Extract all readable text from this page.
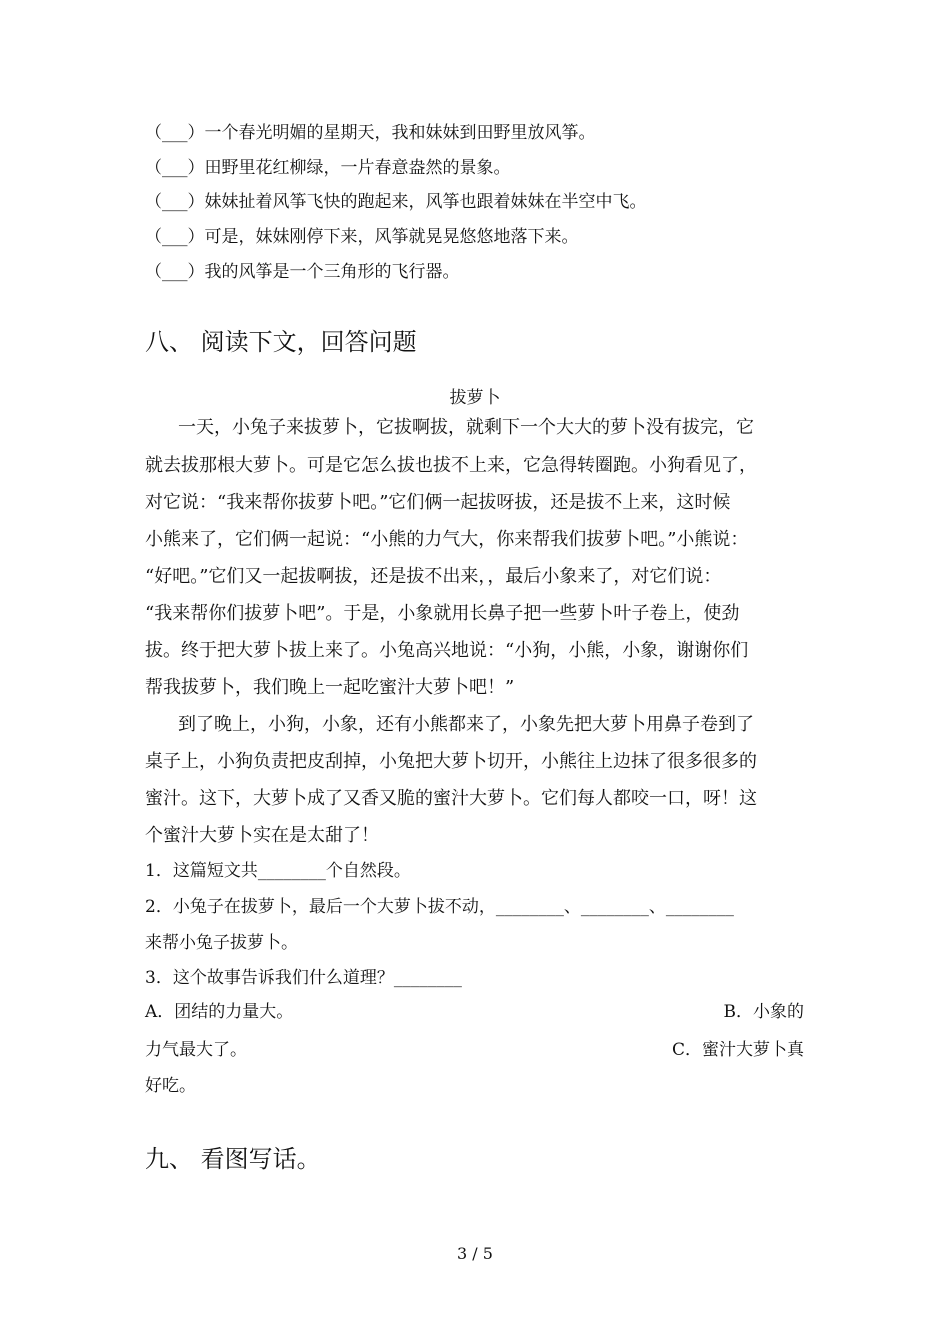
（___）一个春光明媚的星期天，我和妹妹到田野里放风筝。
（___）田野里花红柳绿，一片春意盎然的景象。
（___）妹妹扯着风筝飞快的跑起来，风筝也跟着妹妹在半空中飞。
（___）可是，妹妹刚停下来，风筝就晃晃悠悠地落下来。
（___）我的风筝是一个三角形的飞行器。
八、 阅读下文，回答问题
拔萝卜
一天，小兔子来拔萝卜，它拔啊拔，就剩下一个大大的萝卜没有拔完，它
就去拔那根大萝卜。可是它怎么拔也拔不上来，它急得转圈跑。小狗看见了，
对它说：“我来帮你拔萝卜吧。”它们俩一起拔呀拔，还是拔不上来，这时候
小熊来了，它们俩一起说：“小熊的力气大，你来帮我们拔萝卜吧。”小熊说：
“好吧。”它们又一起拔啊拔，还是拔不出来，，最后小象来了，对它们说：
“我来帮你们拔萝卜吧”。于是，小象就用长鼻子把一些萝卜叶子卷上，使劲
拔。终于把大萝卜拔上来了。小兔高兴地说：“小狗，小熊，小象，谢谢你们
帮我拔萝卜，我们晚上一起吃蜜汁大萝卜吧！”
到了晚上，小狗，小象，还有小熊都来了，小象先把大萝卜用鼻子卷到了
桌子上，小狗负责把皮刮掉，小兔把大萝卜切开，小熊往上边抹了很多很多的
蜜汁。这下，大萝卜成了又香又脆的蜜汁大萝卜。它们每人都咬一口，呀！这
个蜜汁大萝卜实在是太甜了！
1．这篇短文共________个自然段。
2．小兔子在拔萝卜，最后一个大萝卜拔不动，________、________、________
来帮小兔子拔萝卜。
3．这个故事告诉我们什么道理？________
A．团结的力量大。	B．小象的
力气最大了。	C．蜜汁大萝卜真
好吃。
九、 看图写话。
3 / 5
